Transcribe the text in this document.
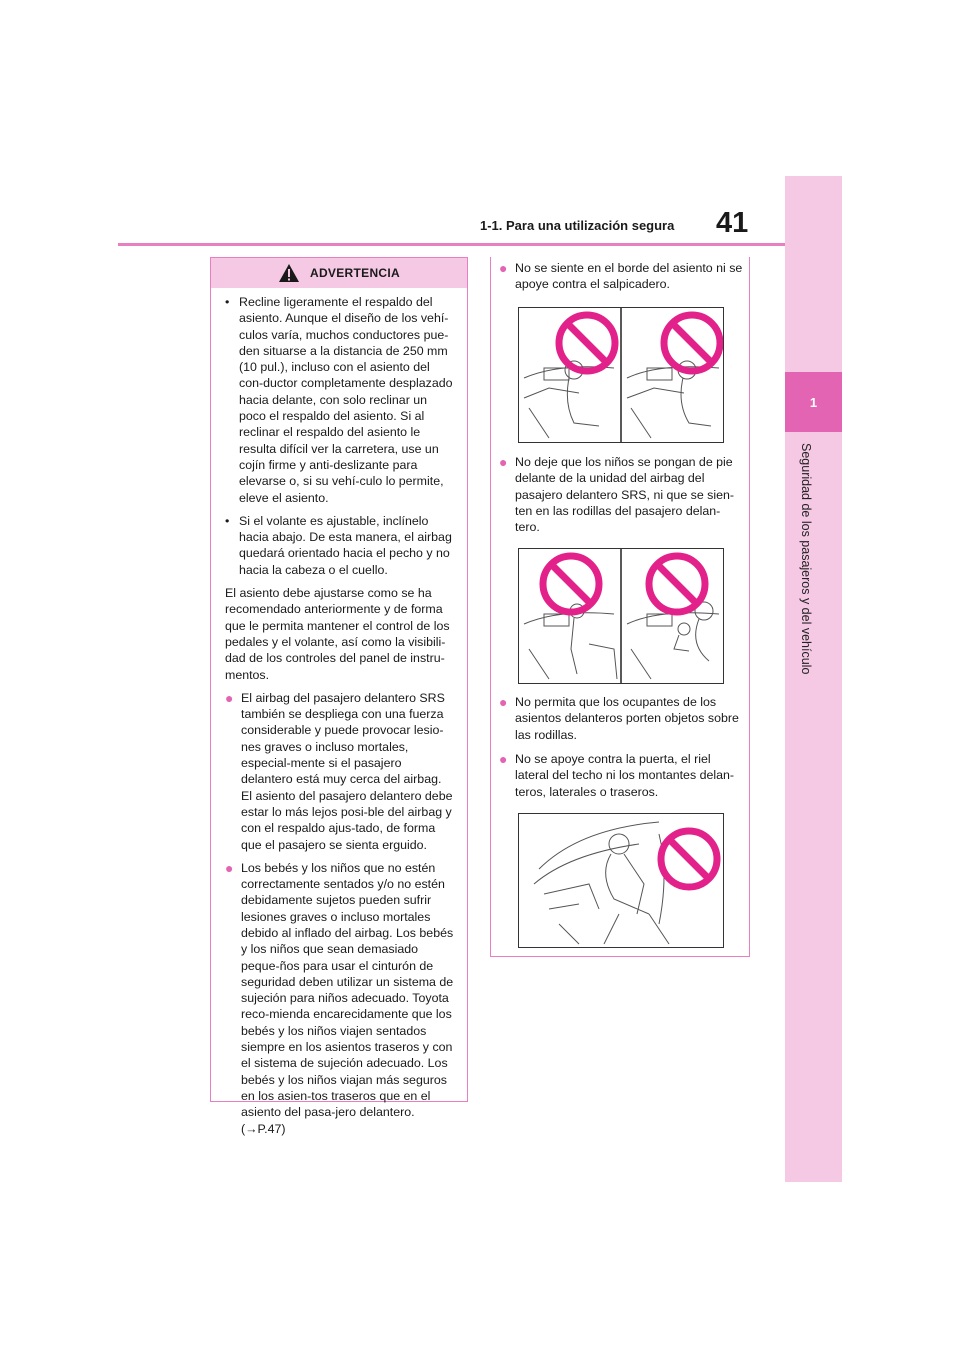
1-1. Para una utilización segura 41
1
Seguridad de los pasajeros y del vehículo
ADVERTENCIA

• Recline ligeramente el respaldo del asiento. Aunque el diseño de los vehí-culos varía, muchos conductores pue-den situarse a la distancia de 250 mm (10 pul.), incluso con el asiento del con-ductor completamente desplazado hacia delante, con solo reclinar un poco el respaldo del asiento. Si al reclinar el respaldo del asiento le resulta difícil ver la carretera, use un cojín firme y anti-deslizante para elevarse o, si su vehí-culo lo permite, eleve el asiento.

• Si el volante es ajustable, inclínelo hacia abajo. De esta manera, el airbag quedará orientado hacia el pecho y no hacia la cabeza o el cuello.

El asiento debe ajustarse como se ha recomendado anteriormente y de forma que le permita mantener el control de los pedales y el volante, así como la visibili-dad de los controles del panel de instru-mentos.

● El airbag del pasajero delantero SRS también se despliega con una fuerza considerable y puede provocar lesio-nes graves o incluso mortales, especial-mente si el pasajero delantero está muy cerca del airbag. El asiento del pasajero delantero debe estar lo más lejos posi-ble del airbag y con el respaldo ajus-tado, de forma que el pasajero se sienta erguido.

● Los bebés y los niños que no estén correctamente sentados y/o no estén debidamente sujetos pueden sufrir lesiones graves o incluso mortales debido al inflado del airbag. Los bebés y los niños que sean demasiado peque-ños para usar el cinturón de seguridad deben utilizar un sistema de sujeción para niños adecuado. Toyota reco-mienda encarecidamente que los bebés y los niños viajen sentados siempre en los asientos traseros y con el sistema de sujeción adecuado. Los bebés y los niños viajan más seguros en los asien-tos traseros que en el asiento del pasa-jero delantero. (→P.47)

● No se siente en el borde del asiento ni se apoye contra el salpicadero.
● No deje que los niños se pongan de pie delante de la unidad del airbag del pasajero delantero SRS, ni que se sien-ten en las rodillas del pasajero delan-tero.
● No permita que los ocupantes de los asientos delanteros porten objetos sobre las rodillas.
● No se apoye contra la puerta, el riel lateral del techo ni los montantes delan-teros, laterales o traseros.
